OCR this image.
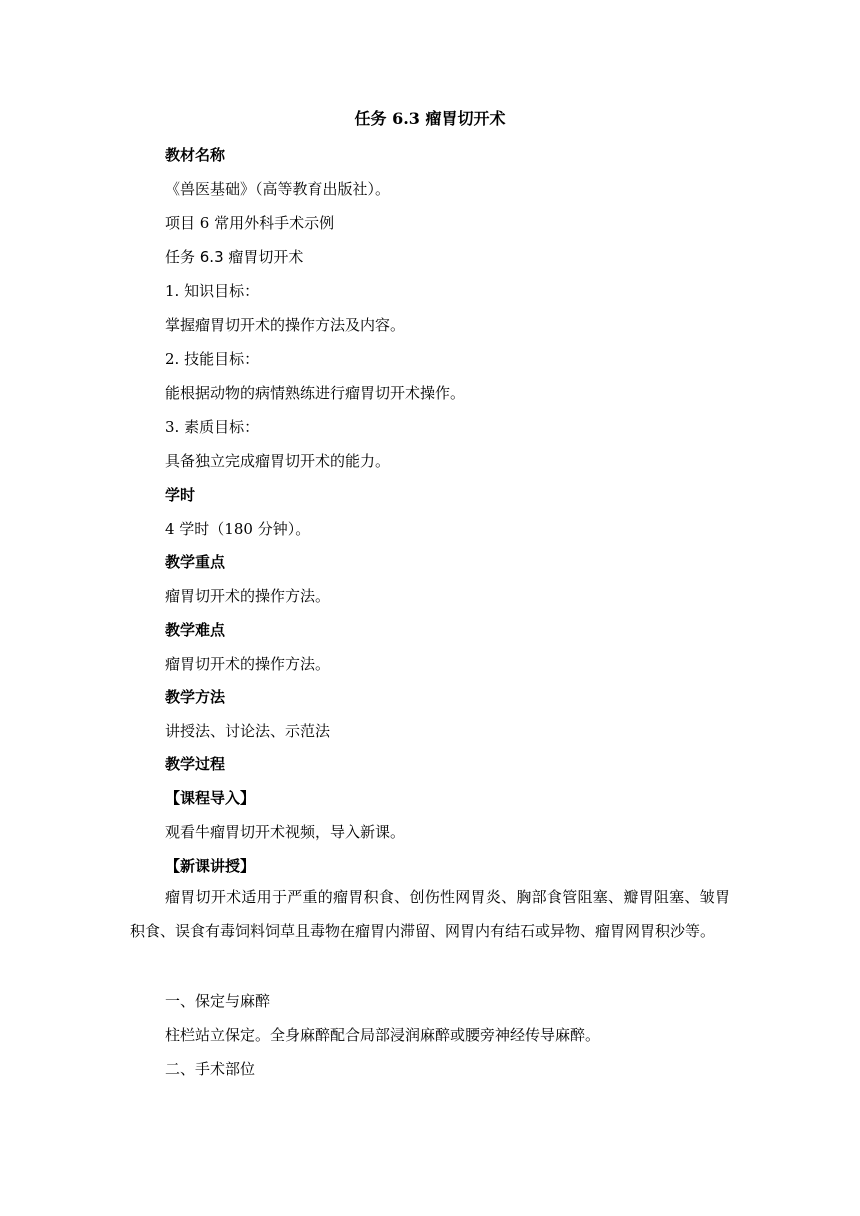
任务 6.3 瘤胃切开术
教材名称
《兽医基础》（高等教育出版社）。
项目 6 常用外科手术示例
任务 6.3 瘤胃切开术
1. 知识目标：
掌握瘤胃切开术的操作方法及内容。
2. 技能目标：
能根据动物的病情熟练进行瘤胃切开术操作。
3. 素质目标：
具备独立完成瘤胃切开术的能力。
学时
4 学时（180 分钟）。
教学重点
瘤胃切开术的操作方法。
教学难点
瘤胃切开术的操作方法。
教学方法
讲授法、讨论法、示范法
教学过程
【课程导入】
观看牛瘤胃切开术视频，导入新课。
【新课讲授】
瘤胃切开术适用于严重的瘤胃积食、创伤性网胃炎、胸部食管阻塞、瓣胃阻塞、皱胃积食、误食有毒饲料饲草且毒物在瘤胃内滞留、网胃内有结石或异物、瘤胃网胃积沙等。
一、保定与麻醉
柱栏站立保定。全身麻醉配合局部浸润麻醉或腰旁神经传导麻醉。
二、手术部位
